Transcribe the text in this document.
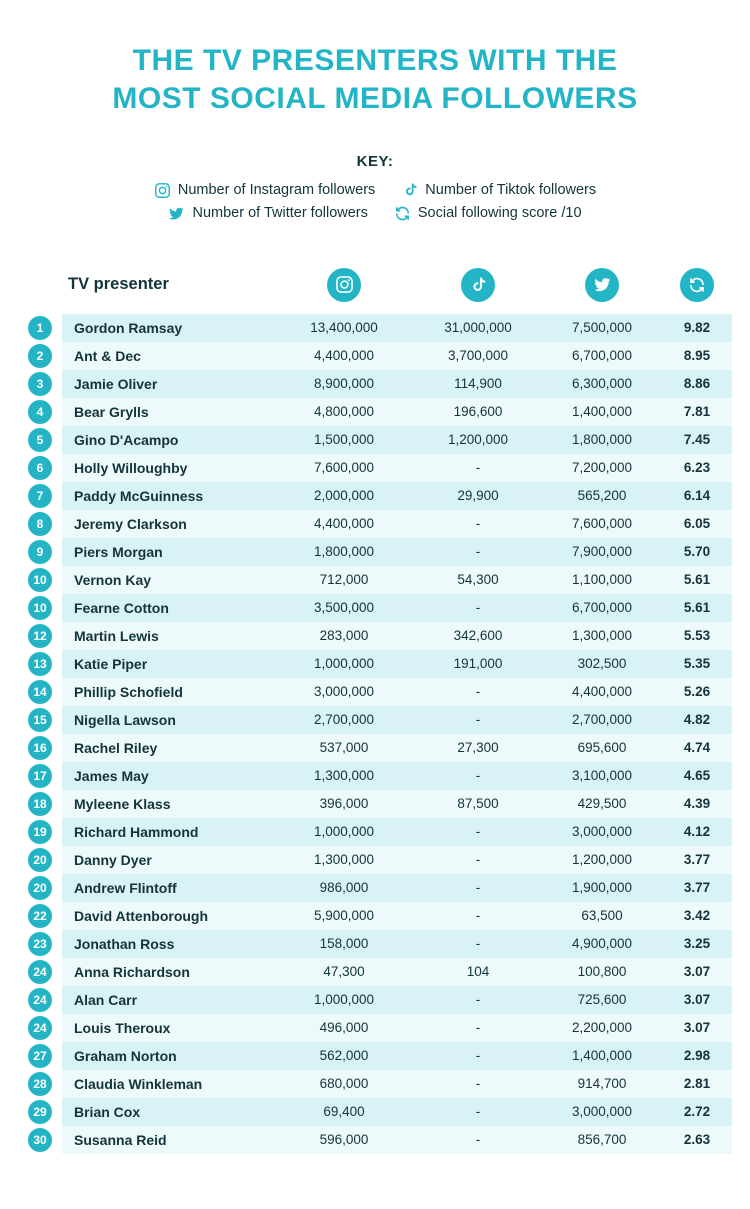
THE TV PRESENTERS WITH THE
MOST SOCIAL MEDIA FOLLOWERS
KEY:
Number of Instagram followers	Number of Tiktok followers
Number of Twitter followers	Social following score /10
	TV presenter	

1	Gordon Ramsay	13,400,000	31,000,000	7,500,000	9.82
2	Ant & Dec	4,400,000	3,700,000	6,700,000	8.95
3	Jamie Oliver	8,900,000	114,900	6,300,000	8.86
4	Bear Grylls	4,800,000	196,600	1,400,000	7.81
5	Gino D'Acampo	1,500,000	1,200,000	1,800,000	7.45
6	Holly Willoughby	7,600,000	-	7,200,000	6.23
7	Paddy McGuinness	2,000,000	29,900	565,200	6.14
8	Jeremy Clarkson	4,400,000	-	7,600,000	6.05
9	Piers Morgan	1,800,000	-	7,900,000	5.70
10	Vernon Kay	712,000	54,300	1,100,000	5.61
10	Fearne Cotton	3,500,000	-	6,700,000	5.61
12	Martin Lewis	283,000	342,600	1,300,000	5.53
13	Katie Piper	1,000,000	191,000	302,500	5.35
14	Phillip Schofield	3,000,000	-	4,400,000	5.26
15	Nigella Lawson	2,700,000	-	2,700,000	4.82
16	Rachel Riley	537,000	27,300	695,600	4.74
17	James May	1,300,000	-	3,100,000	4.65
18	Myleene Klass	396,000	87,500	429,500	4.39
19	Richard Hammond	1,000,000	-	3,000,000	4.12
20	Danny Dyer	1,300,000	-	1,200,000	3.77
20	Andrew Flintoff	986,000	-	1,900,000	3.77
22	David Attenborough	5,900,000	-	63,500	3.42
23	Jonathan Ross	158,000	-	4,900,000	3.25
24	Anna Richardson	47,300	104	100,800	3.07
24	Alan Carr	1,000,000	-	725,600	3.07
24	Louis Theroux	496,000	-	2,200,000	3.07
27	Graham Norton	562,000	-	1,400,000	2.98
28	Claudia Winkleman	680,000	-	914,700	2.81
29	Brian Cox	69,400	-	3,000,000	2.72
30	Susanna Reid	596,000	-	856,700	2.63
